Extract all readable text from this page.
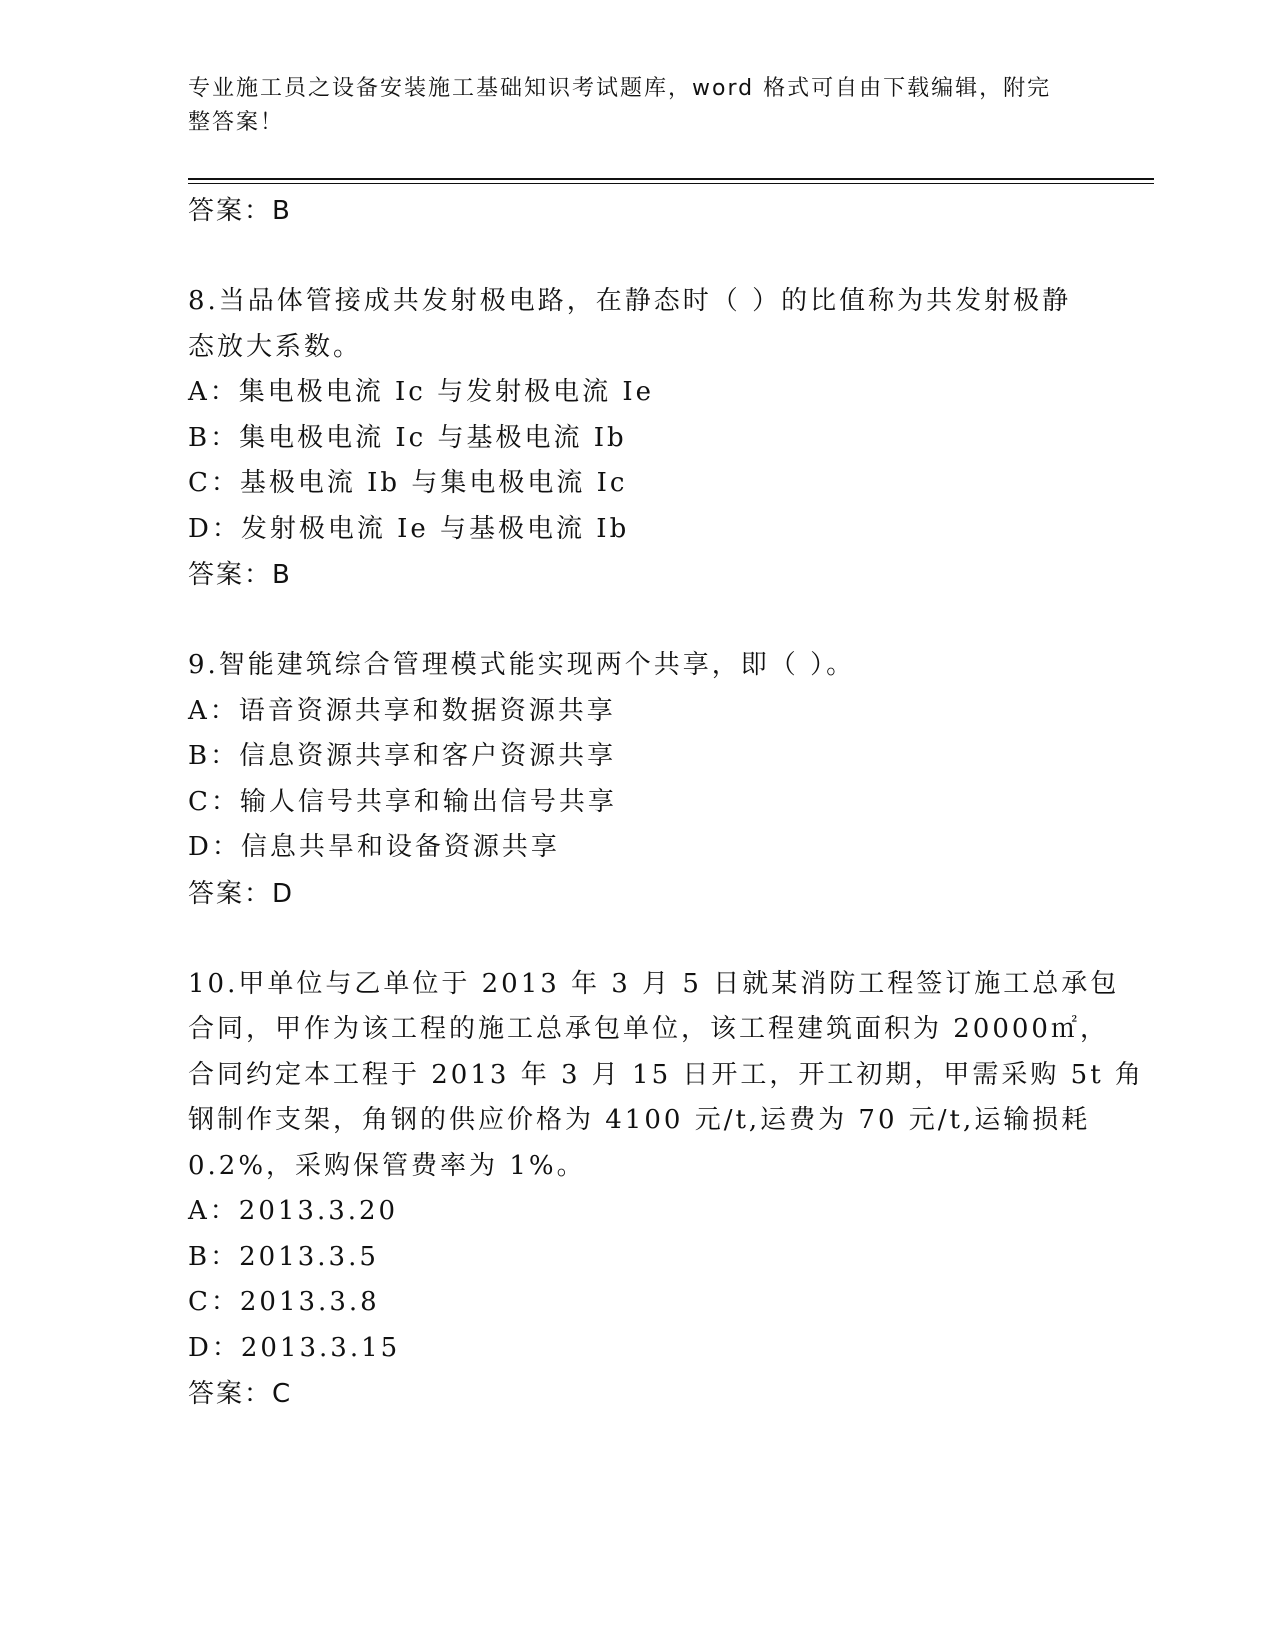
专业施工员之设备安装施工基础知识考试题库，word 格式可自由下载编辑，附完
整答案！
答案：B
8.当品体管接成共发射极电路，在静态时（ ）的比值称为共发射极静
态放大系数。
A：集电极电流 Ic 与发射极电流 Ie
B：集电极电流 Ic 与基极电流 Ib
C：基极电流 Ib 与集电极电流 Ic
D：发射极电流 Ie 与基极电流 Ib
答案：B
9.智能建筑综合管理模式能实现两个共享，即（ ）。
A：语音资源共享和数据资源共享
B：信息资源共享和客户资源共享
C：输人信号共享和输出信号共享
D：信息共旱和设备资源共享
答案：D
10.甲单位与乙单位于 2013 年 3 月 5 日就某消防工程签订施工总承包
合同，甲作为该工程的施工总承包单位，该工程建筑面积为 20000㎡，
合同约定本工程于 2013 年 3 月 15 日开工，开工初期，甲需采购 5t 角
钢制作支架，角钢的供应价格为 4100 元/t,运费为 70 元/t,运输损耗
0.2%，采购保管费率为 1%。
A：2013.3.20
B：2013.3.5
C：2013.3.8
D：2013.3.15
答案：C
